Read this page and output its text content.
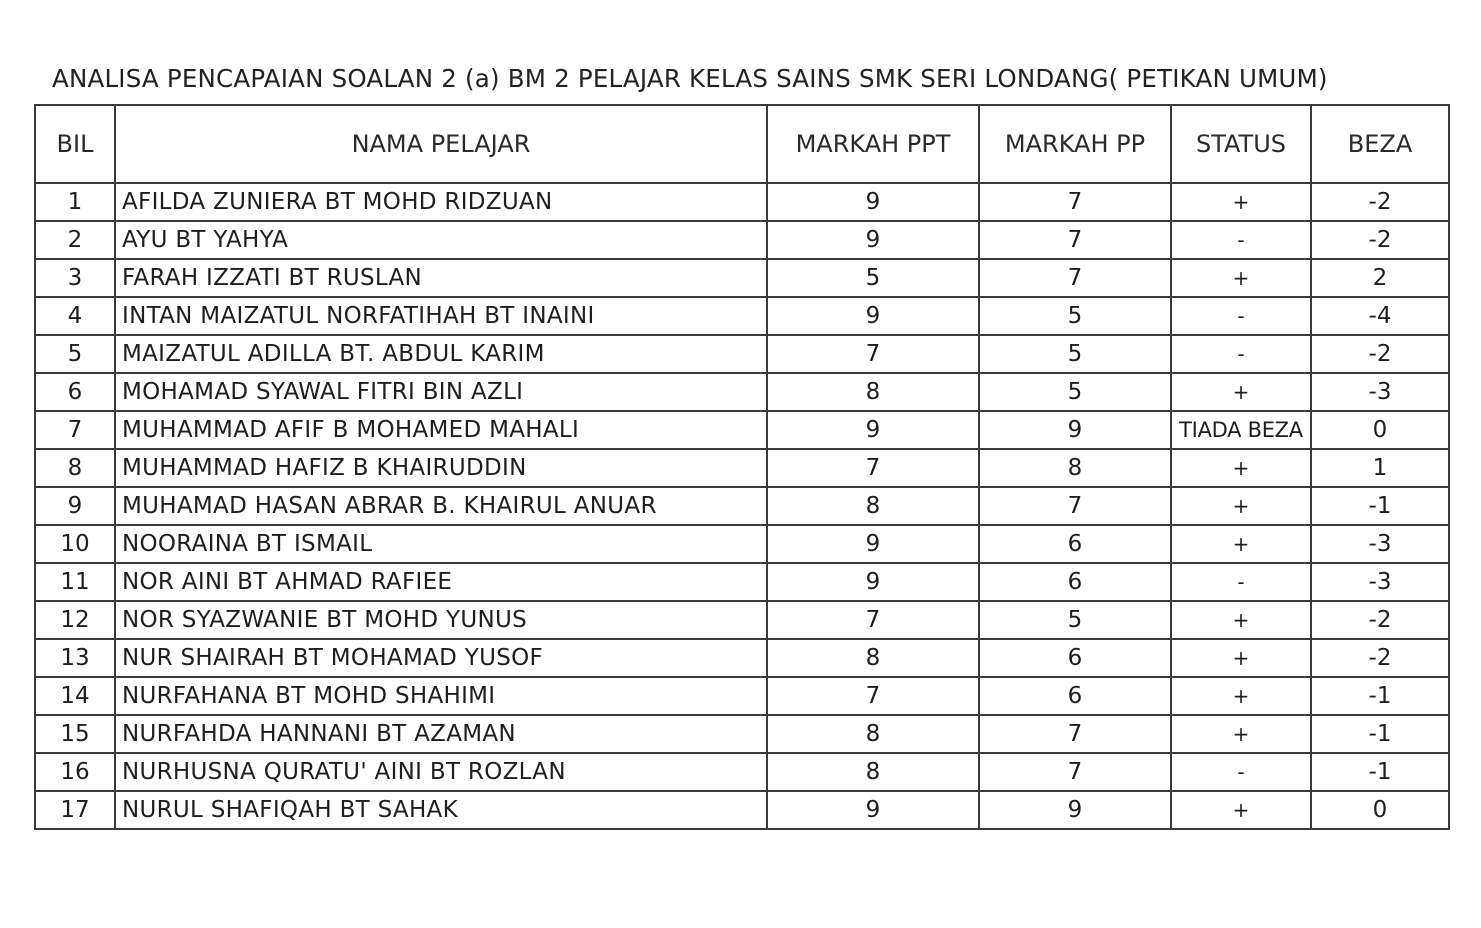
ANALISA PENCAPAIAN SOALAN 2 (a) BM 2 PELAJAR KELAS SAINS SMK SERI LONDANG( PETIKAN UMUM)
BIL	NAMA PELAJAR	MARKAH PPT	MARKAH PP	STATUS	BEZA
1	AFILDA ZUNIERA BT MOHD RIDZUAN	9	7	+	-2
2	AYU BT YAHYA	9	7	-	-2
3	FARAH IZZATI BT RUSLAN	5	7	+	2
4	INTAN MAIZATUL NORFATIHAH BT INAINI	9	5	-	-4
5	MAIZATUL ADILLA BT. ABDUL KARIM	7	5	-	-2
6	MOHAMAD SYAWAL FITRI BIN AZLI	8	5	+	-3
7	MUHAMMAD AFIF B MOHAMED MAHALI	9	9	TIADA BEZA	0
8	MUHAMMAD HAFIZ B KHAIRUDDIN	7	8	+	1
9	MUHAMAD HASAN ABRAR B. KHAIRUL ANUAR	8	7	+	-1
10	NOORAINA BT ISMAIL	9	6	+	-3
11	NOR AINI BT AHMAD RAFIEE	9	6	-	-3
12	NOR SYAZWANIE BT MOHD YUNUS	7	5	+	-2
13	NUR SHAIRAH BT MOHAMAD YUSOF	8	6	+	-2
14	NURFAHANA BT MOHD SHAHIMI	7	6	+	-1
15	NURFAHDA HANNANI BT AZAMAN	8	7	+	-1
16	NURHUSNA QURATU' AINI BT ROZLAN	8	7	-	-1
17	NURUL SHAFIQAH BT SAHAK	9	9	+	0
